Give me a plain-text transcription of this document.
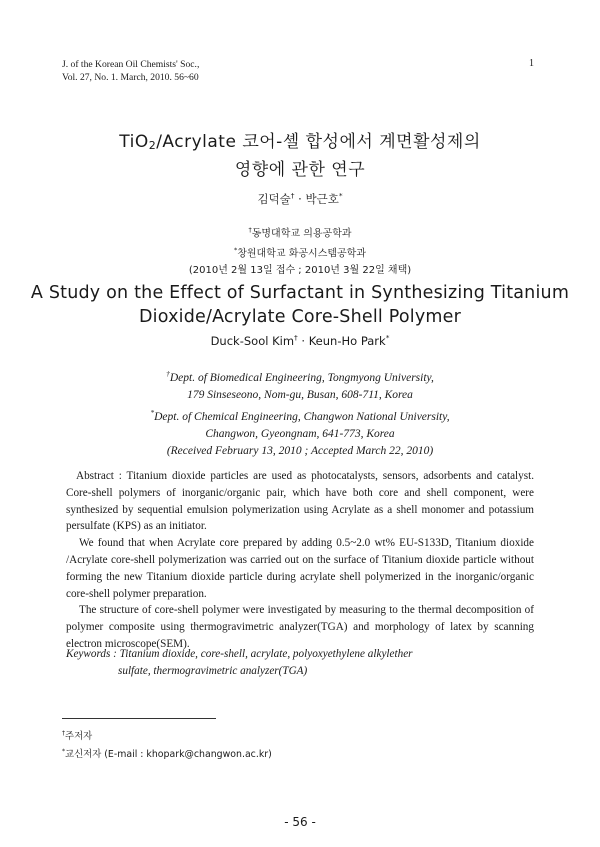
J. of the Korean Oil Chemists' Soc.,
Vol. 27, No. 1. March, 2010. 56~60
1
TiO2/Acrylate 코어-셸 합성에서 계면활성제의
영향에 관한 연구
김덕술† · 박근호*
†동명대학교 의용공학과
*창원대학교 화공시스템공학과
(2010년 2월 13일 접수 ; 2010년 3월 22일 채택)
A Study on the Effect of Surfactant in Synthesizing Titanium
Dioxide/Acrylate Core-Shell Polymer
Duck-Sool Kim† · Keun-Ho Park*
†Dept. of Biomedical Engineering, Tongmyong University,
179 Sinseseono, Nom-gu, Busan, 608-711, Korea
*Dept. of Chemical Engineering, Changwon National University,
Changwon, Gyeongnam, 641-773, Korea
(Received February 13, 2010 ; Accepted March 22, 2010)

Abstract : Titanium dioxide particles are used as photocatalysts, sensors, adsorbents and catalyst. Core-shell polymers of inorganic/organic pair, which have both core and shell component, were synthesized by sequential emulsion polymerization using Acrylate as a shell monomer and potassium persulfate (KPS) as an initiator.

We found that when Acrylate core prepared by adding 0.5~2.0 wt% EU-S133D, Titanium dioxide /Acrylate core-shell polymerization was carried out on the surface of Titanium dioxide particle without forming the new Titanium dioxide particle during acrylate shell polymerized in the inorganic/organic core-shell polymer preparation.

The structure of core-shell polymer were investigated by measuring to the thermal decomposition of polymer composite using thermogravimetric analyzer(TGA) and morphology of latex by scanning electron microscope(SEM).

Keywords : Titanium dioxide, core-shell, acrylate, polyoxyethylene alkylether
sulfate, thermogravimetric analyzer(TGA)
†주저자
*교신저자 (E-mail : khopark@changwon.ac.kr)
- 56 -
